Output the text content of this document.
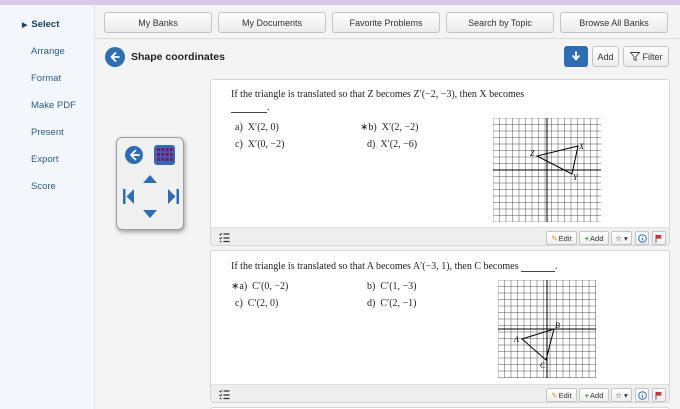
▶ Select
Arrange
Format
Make PDF
Present
Export
Score
My Banks	My Documents	Favorite Problems	Search by Topic	Browse All Banks
Shape coordinates	Add	Filter
If the triangle is translated so that Z becomes Z′(−2, −3), then X becomes
.
a) X′(2, 0)	∗b) X′(2, −2)
c) X′(0, −2)	d) X′(2, −6)	X
Z
Y
✎ Edit + Add	☆ ▾
If the triangle is translated so that A becomes A′(−3, 1), then C becomes	.
∗a) C′(0, −2)	b) C′(1, −3)
c) C′(2, 0)	d) C′(2, −1)
B
A
C
✎ Edit + Add	☆ ▾
